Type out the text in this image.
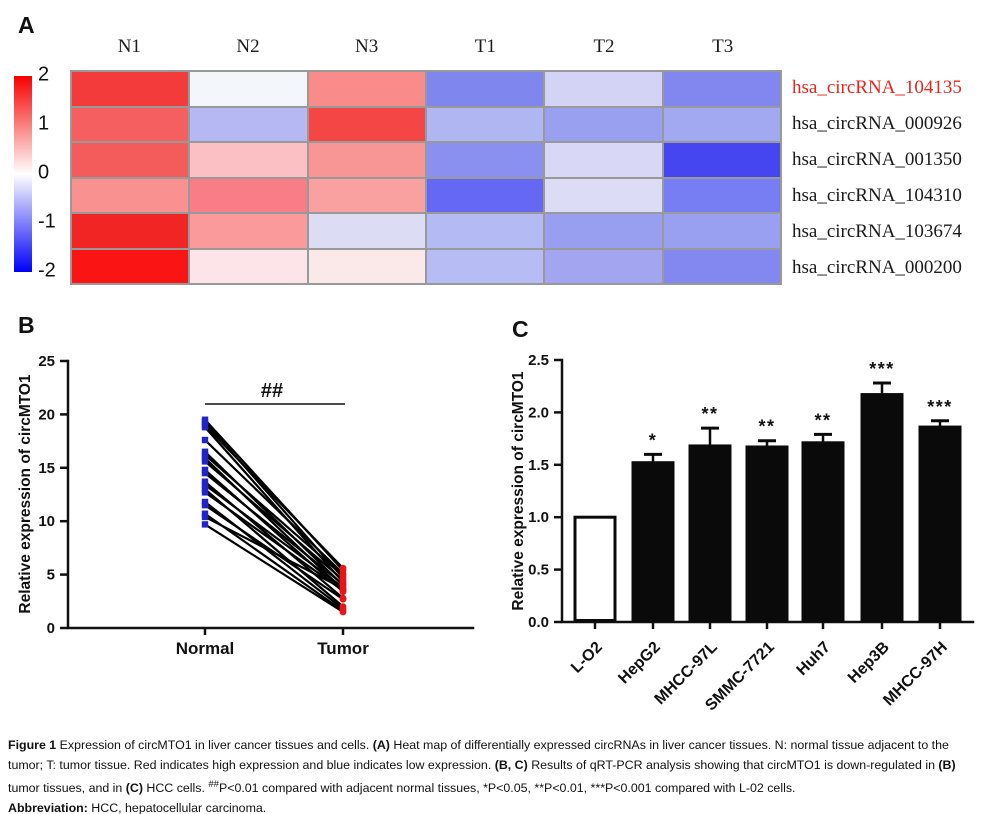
A
B	C
2
1
0
-1
-2
N1	N2	N3	T1	T2	T3
hsa_circRNA_104135
hsa_circRNA_000926
hsa_circRNA_001350
hsa_circRNA_104310
hsa_circRNA_103674
hsa_circRNA_000200
0
5
10
15
20
25
Normal	Tumor
Relative expression of circMTO1	##
0.0
0.5
1.0
1.5
2.0
2.5
Relative expression of circMTO1
L-O2
*
HepG2
**
MHCC-97L
**
SMMC-7721
**
Huh7
***
Hep3B
***
MHCC-97H
Figure 1 Expression of circMTO1 in liver cancer tissues and cells. (A) Heat map of differentially expressed circRNAs in liver cancer tissues. N: normal tissue adjacent to the
tumor; T: tumor tissue. Red indicates high expression and blue indicates low expression. (B, C) Results of qRT-PCR analysis showing that circMTO1 is down-regulated in (B)
tumor tissues, and in (C) HCC cells. ##P<0.01 compared with adjacent normal tissues, *P<0.05, **P<0.01, ***P<0.001 compared with L-02 cells.
Abbreviation: HCC, hepatocellular carcinoma.
